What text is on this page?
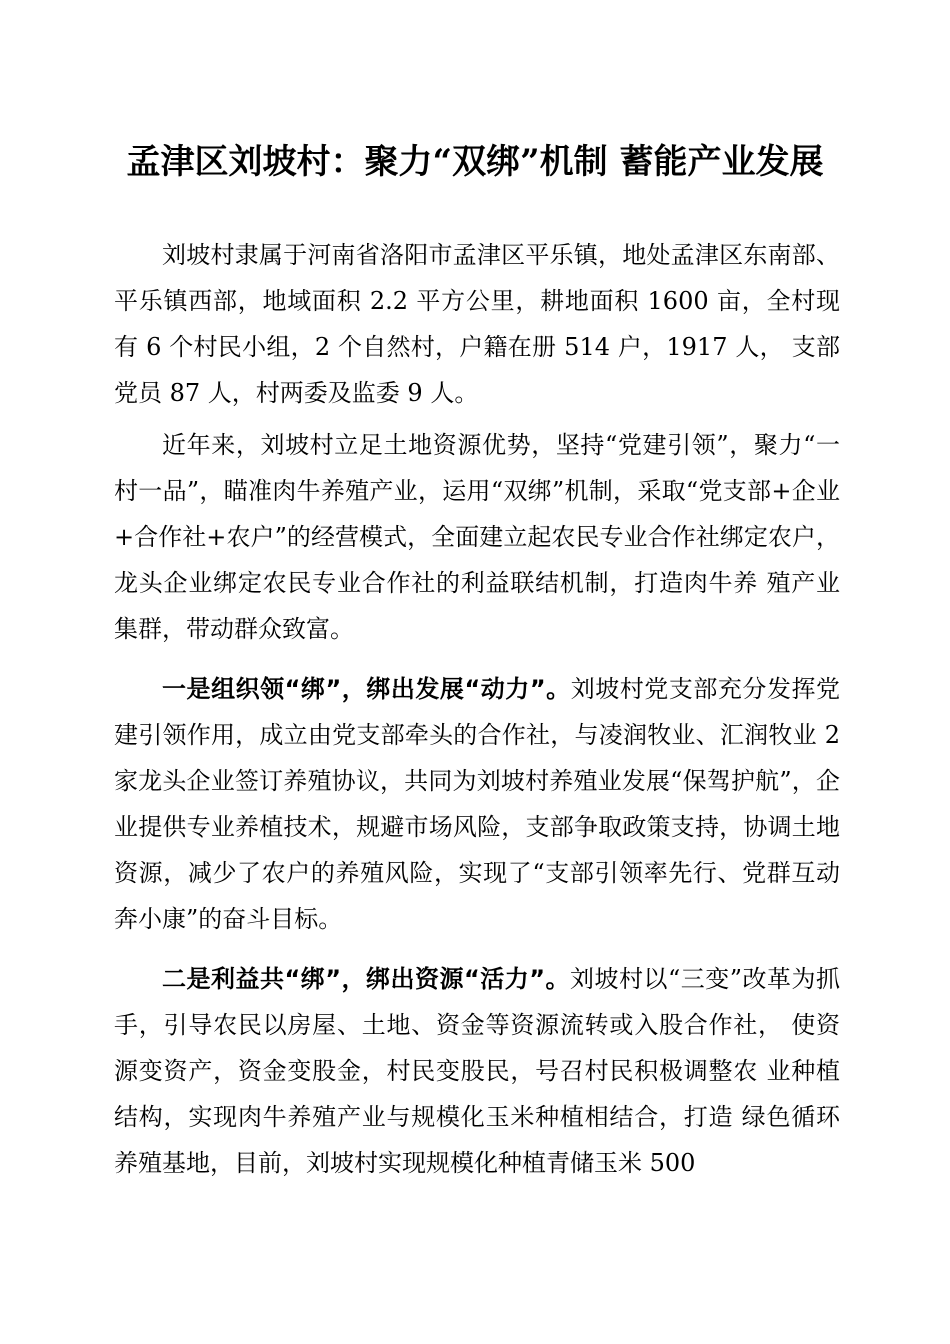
孟津区刘坡村：聚力“双绑”机制 蓄能产业发展

刘坡村隶属于河南省洛阳市孟津区平乐镇，地处孟津区东南部、平乐镇西部，地域面积 2.2 平方公里，耕地面积 1600 亩，全村现有 6 个村民小组，2 个自然村，户籍在册 514 户，1917 人， 支部党员 87 人，村两委及监委 9 人。

近年来，刘坡村立足土地资源优势，坚持“党建引领”，聚力“一村一品”，瞄准肉牛养殖产业，运用“双绑”机制，采取“党支部+企业+合作社+农户”的经营模式，全面建立起农民专业合作社绑定农户，龙头企业绑定农民专业合作社的利益联结机制，打造肉牛养 殖产业集群，带动群众致富。

一是组织领“绑”，绑出发展“动力”。刘坡村党支部充分发挥党建引领作用，成立由党支部牵头的合作社，与凌润牧业、汇润牧业 2 家龙头企业签订养殖协议，共同为刘坡村养殖业发展“保驾护航”，企业提供专业养植技术，规避市场风险，支部争取政策支持，协调土地资源，减少了农户的养殖风险，实现了“支部引领率先行、党群互动奔小康”的奋斗目标。

二是利益共“绑”，绑出资源“活力”。刘坡村以“三变”改革为抓手，引导农民以房屋、土地、资金等资源流转或入股合作社， 使资源变资产，资金变股金，村民变股民，号召村民积极调整农 业种植结构，实现肉牛养殖产业与规模化玉米种植相结合，打造 绿色循环养殖基地，目前，刘坡村实现规模化种植青储玉米 500
